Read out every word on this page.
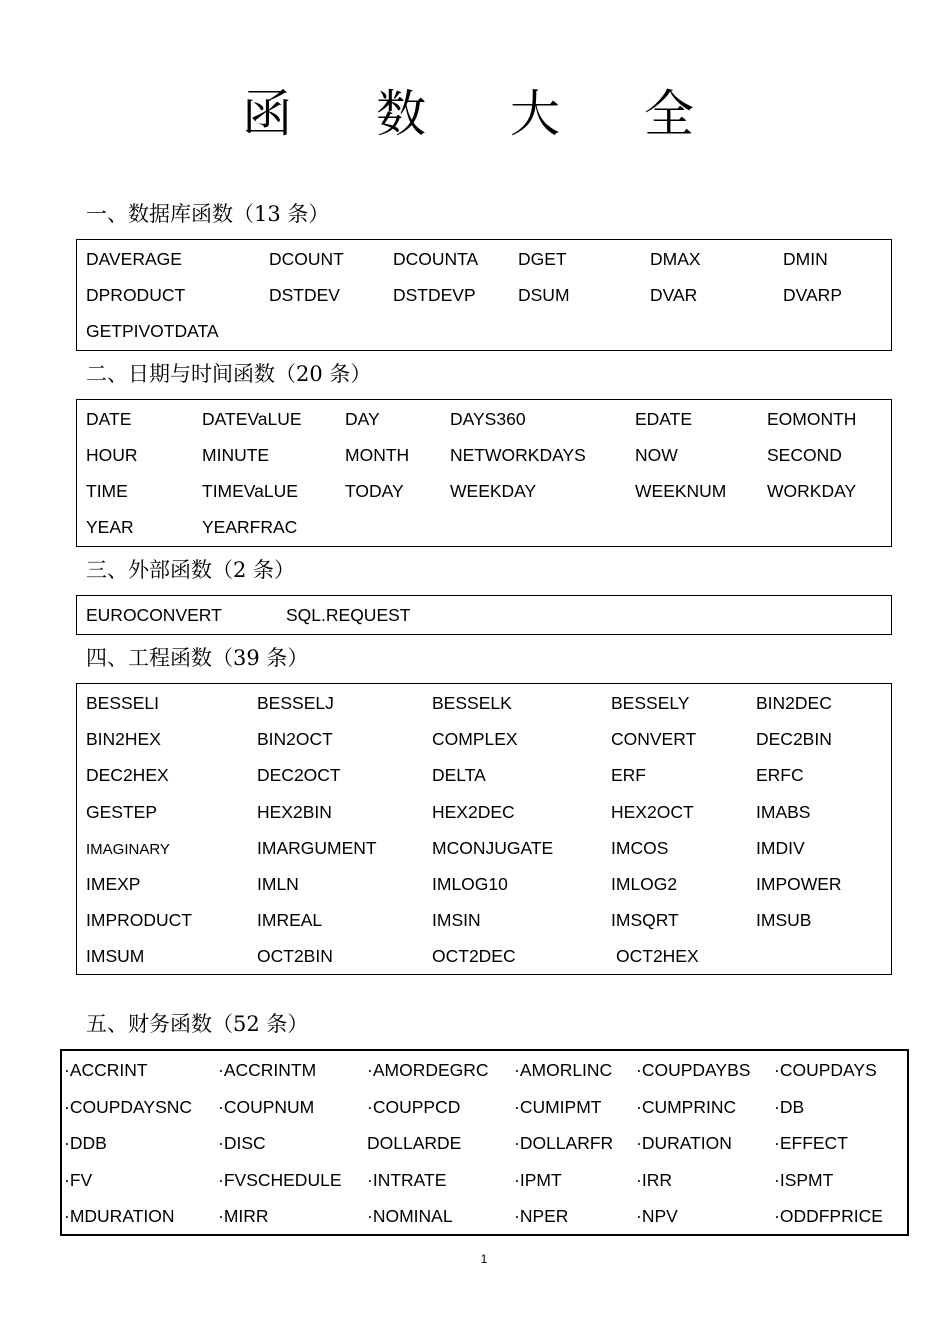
函 数 大 全
一、数据库函数（13 条）
DAVERAGE	DCOUNT	DCOUNTA DGET	DMAX	DMIN
DPRODUCT	DSTDEV	DSTDEVP DSUM	DVAR	DVARP
GETPIVOTDATA
二、日期与时间函数（20 条）
DATE	DATEVaLUE DAY	DAYS360	EDATE	EOMONTH
HOUR	MINUTE	MONTH NETWORKDAYS	NOW	SECOND
TIME	TIMEVaLUE	TODAY	WEEKDAY	WEEKNUM WORKDAY
YEAR	YEARFRAC
三、外部函数（2 条）
EUROCONVERT	SQL.REQUEST
四、工程函数（39 条）
BESSELI	BESSELJ	BESSELK	BESSELY	BIN2DEC
BIN2HEX	BIN2OCT	COMPLEX	CONVERT	DEC2BIN
DEC2HEX	DEC2OCT	DELTA	ERF	ERFC
GESTEP	HEX2BIN	HEX2DEC	HEX2OCT	IMABS
IMAGINARY	IMARGUMENT	MCONJUGATE	IMCOS	IMDIV
IMEXP	IMLN	IMLOG10	IMLOG2	IMPOWER
IMPRODUCT	IMREAL	IMSIN	IMSQRT	IMSUB
IMSUM	OCT2BIN	OCT2DEC	OCT2HEX
五、财务函数（52 条）
·ACCRINT	·ACCRINTM	·AMORDEGRC ·AMORLINC ·COUPDAYBS ·COUPDAYS
·COUPDAYSNC ·COUPNUM	·COUPPCD	·CUMIPMT ·CUMPRINC ·DB
·DDB	·DISC	DOLLARDE	·DOLLARFR ·DURATION ·EFFECT
·FV	·FVSCHEDULE ·INTRATE	·IPMT	·IRR	·ISPMT
·MDURATION ·MIRR	·NOMINAL	·NPER	·NPV	·ODDFPRICE
1
